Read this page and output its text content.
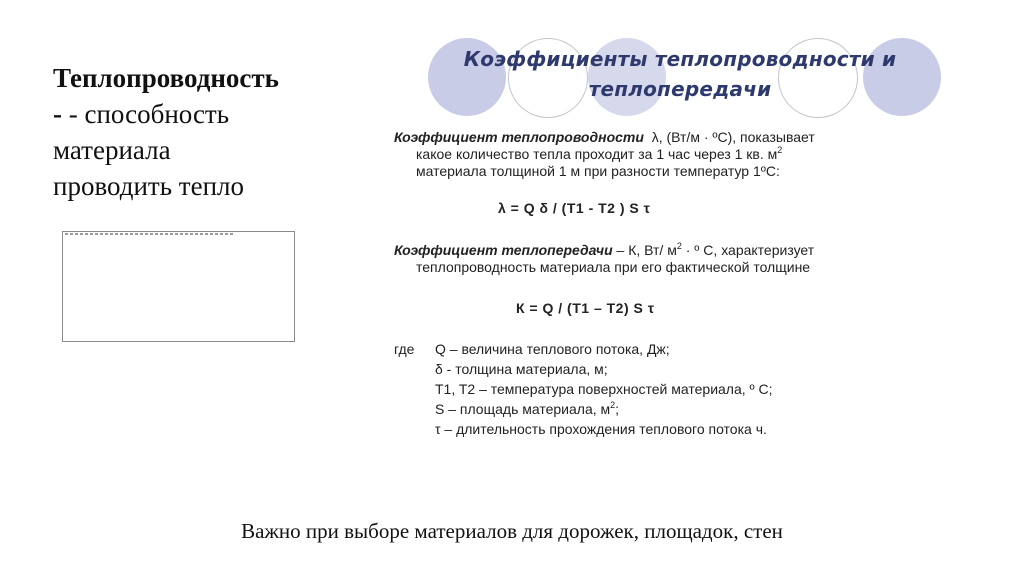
Теплопроводность
- - способность
материала
проводить тепло
Коэффициенты теплопроводности и
теплопередачи
Коэффициент теплопроводности λ, (Вт/м · ºС), показывает
какое количество тепла проходит за 1 час через 1 кв. $м^2$
материала толщиной 1 м при разности температур 1ºС:
λ = Q δ / (T1 - T2 ) S τ
Коэффициент теплопередачи – К, Вт/ $м^2$ · º С, характеризует
теплопроводность материала при его фактической толщине
К = Q / (T1 – T2) S τ
где Q – величина теплового потока, Дж;
δ - толщина материала, м;
T1, T2 – температура поверхностей материала, º С;
S – площадь материала, $м^2$;
τ – длительность прохождения теплового потока ч.
Важно при выборе материалов для дорожек, площадок, стен
